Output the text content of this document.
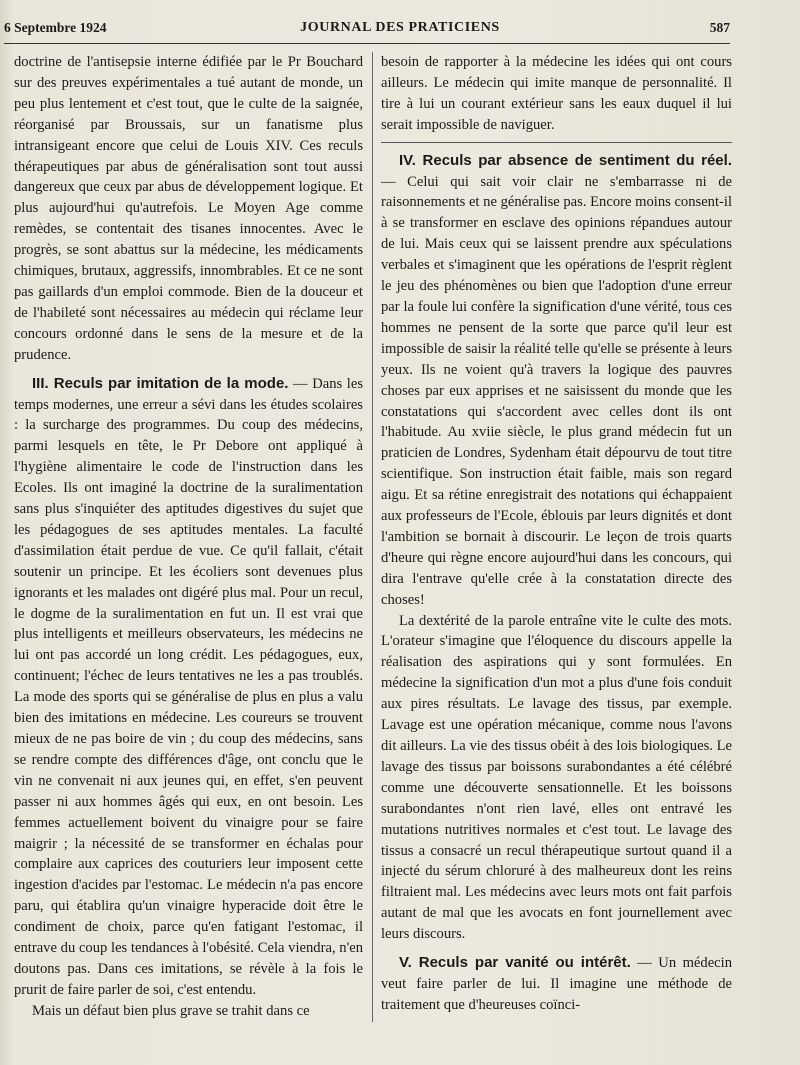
6 Septembre 1924	JOURNAL DES PRATICIENS	587

doctrine de l'antisepsie interne édifiée par le Pr Bouchard sur des preuves expérimentales a tué autant de monde, un peu plus lentement et c'est tout, que le culte de la saignée, réorganisé par Broussais, sur un fanatisme plus intransigeant encore que celui de Louis XIV. Ces reculs thérapeutiques par abus de généralisation sont tout aussi dangereux que ceux par abus de développement logique. Et plus aujourd'hui qu'autrefois. Le Moyen Age comme remèdes, se contentait des tisanes innocentes. Avec le progrès, se sont abattus sur la médecine, les médicaments chimiques, brutaux, aggressifs, innombrables. Et ce ne sont pas gaillards d'un emploi commode. Bien de la douceur et de l'habileté sont nécessaires au médecin qui réclame leur concours ordonné dans le sens de la mesure et de la prudence.

III. Reculs par imitation de la mode. — Dans les temps modernes, une erreur a sévi dans les études scolaires : la surcharge des programmes. Du coup des médecins, parmi lesquels en tête, le Pr Debore ont appliqué à l'hygiène alimentaire le code de l'instruction dans les Ecoles. Ils ont imaginé la doctrine de la suralimentation sans plus s'inquiéter des aptitudes digestives du sujet que les pédagogues de ses aptitudes mentales. La faculté d'assimilation était perdue de vue. Ce qu'il fallait, c'était soutenir un principe. Et les écoliers sont devenues plus ignorants et les malades ont digéré plus mal. Pour un recul, le dogme de la suralimentation en fut un. Il est vrai que plus intelligents et meilleurs observateurs, les médecins ne lui ont pas accordé un long crédit. Les pédagogues, eux, continuent; l'échec de leurs tentatives ne les a pas troublés. La mode des sports qui se généralise de plus en plus a valu bien des imitations en médecine. Les coureurs se trouvent mieux de ne pas boire de vin ; du coup des médecins, sans se rendre compte des différences d'âge, ont conclu que le vin ne convenait ni aux jeunes qui, en effet, s'en peuvent passer ni aux hommes âgés qui eux, en ont besoin. Les femmes actuellement boivent du vinaigre pour se faire maigrir ; la nécessité de se transformer en échalas pour complaire aux caprices des couturiers leur imposent cette ingestion d'acides par l'estomac. Le médecin n'a pas encore paru, qui établira qu'un vinaigre hyperacide doit être le condiment de choix, parce qu'en fatigant l'estomac, il entrave du coup les tendances à l'obésité. Cela viendra, n'en doutons pas. Dans ces imitations, se révèle à la fois le prurit de faire parler de soi, c'est entendu.

Mais un défaut bien plus grave se trahit dans ce

besoin de rapporter à la médecine les idées qui ont cours ailleurs. Le médecin qui imite manque de personnalité. Il tire à lui un courant extérieur sans les eaux duquel il lui serait impossible de naviguer.

IV. Reculs par absence de sentiment du réel. — Celui qui sait voir clair ne s'embarrasse ni de raisonnements et ne généralise pas. Encore moins consent-il à se transformer en esclave des opinions répandues autour de lui. Mais ceux qui se laissent prendre aux spéculations verbales et s'imaginent que les opérations de l'esprit règlent le jeu des phénomènes ou bien que l'adoption d'une erreur par la foule lui confère la signification d'une vérité, tous ces hommes ne pensent de la sorte que parce qu'il leur est impossible de saisir la réalité telle qu'elle se présente à leurs yeux. Ils ne voient qu'à travers la logique des pauvres choses par eux apprises et ne saisissent du monde que les constatations qui s'accordent avec celles dont ils ont l'habitude. Au xviie siècle, le plus grand médecin fut un praticien de Londres, Sydenham était dépourvu de tout titre scientifique. Son instruction était faible, mais son regard aigu. Et sa rétine enregistrait des notations qui échappaient aux professeurs de l'Ecole, éblouis par leurs dignités et dont l'ambition se bornait à discourir. Le leçon de trois quarts d'heure qui règne encore aujourd'hui dans les concours, qui dira l'entrave qu'elle crée à la constatation directe des choses!

La dextérité de la parole entraîne vite le culte des mots. L'orateur s'imagine que l'éloquence du discours appelle la réalisation des aspirations qui y sont formulées. En médecine la signification d'un mot a plus d'une fois conduit aux pires résultats. Le lavage des tissus, par exemple. Lavage est une opération mécanique, comme nous l'avons dit ailleurs. La vie des tissus obéit à des lois biologiques. Le lavage des tissus par boissons surabondantes a été célébré comme une découverte sensationnelle. Et les boissons surabondantes n'ont rien lavé, elles ont entravé les mutations nutritives normales et c'est tout. Le lavage des tissus a consacré un recul thérapeutique surtout quand il a injecté du sérum chloruré à des malheureux dont les reins filtraient mal. Les médecins avec leurs mots ont fait parfois autant de mal que les avocats en font journellement avec leurs discours.

V. Reculs par vanité ou intérêt. — Un médecin veut faire parler de lui. Il imagine une méthode de traitement que d'heureuses coïnci-
